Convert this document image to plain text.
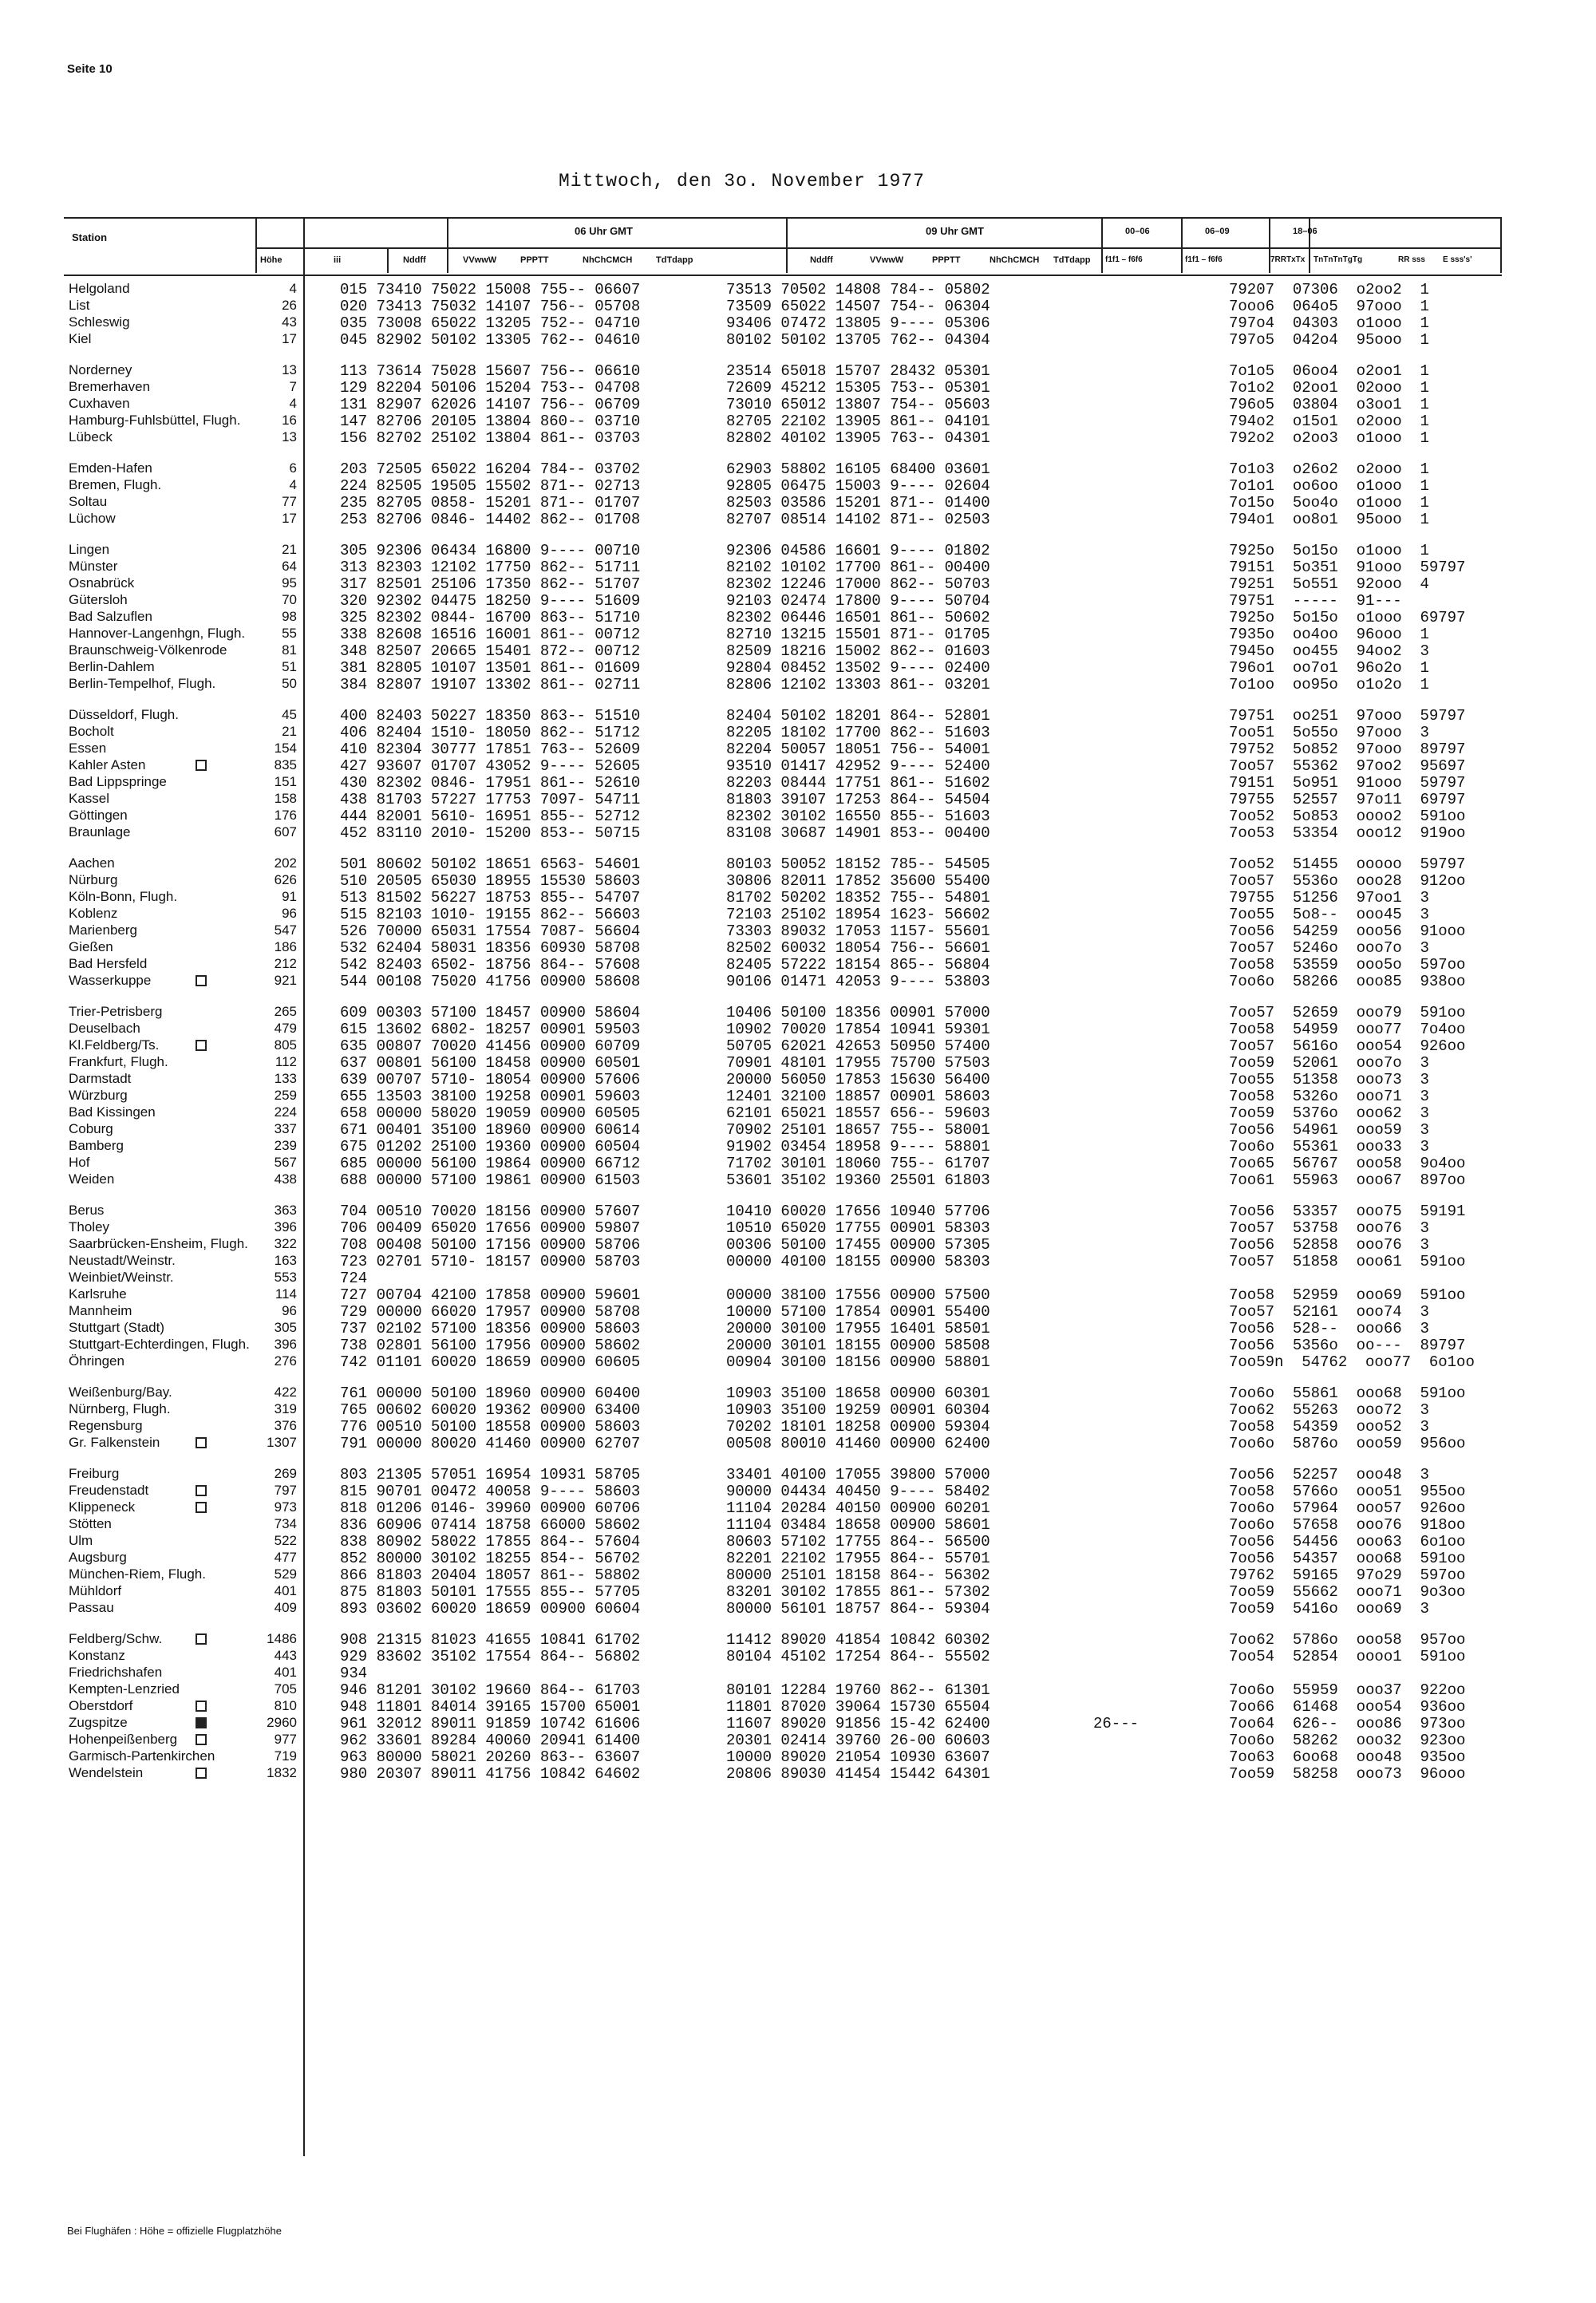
Seite 10
Mittwoch, den 3o. November 1977
Station
Höhe	iii
06 Uhr GMT	09 Uhr GMT
Nddff	VVwwW	PPPTT	NhChCMCH	TdTdapp	Nddff	VVwwW	PPPTT	NhChCMCH TdTdapp
00–06	06–09	18–06
f1f1 – f6f6	f1f1 – f6f6	7RRTxTx TnTnTnTgTg	RR sss E sss's'
Helgoland	4	015 73410 75022 15008 755-- 06607	73513 70502 14808 784-- 05802	79207  07306  o2oo2  1
List	26	020 73413 75032 14107 756-- 05708	73509 65022 14507 754-- 06304	7ooo6  064o5  97ooo  1
Schleswig	43	035 73008 65022 13205 752-- 04710	93406 07472 13805 9---- 05306	797o4  04303  o1ooo  1
Kiel	17	045 82902 50102 13305 762-- 04610	80102 50102 13705 762-- 04304	797o5  042o4  95ooo  1
Norderney	13	113 73614 75028 15607 756-- 06610	23514 65018 15707 28432 05301	7o1o5  06oo4  o2oo1  1
Bremerhaven	7	129 82204 50106 15204 753-- 04708	72609 45212 15305 753-- 05301	7o1o2  02oo1  02ooo  1
Cuxhaven	4	131 82907 62026 14107 756-- 06709	73010 65012 13807 754-- 05603	796o5  03804  o3oo1  1
Hamburg-Fuhlsbüttel, Flugh.	16	147 82706 20105 13804 860-- 03710	82705 22102 13905 861-- 04101	794o2  o15o1  o2ooo  1
Lübeck	13	156 82702 25102 13804 861-- 03703	82802 40102 13905 763-- 04301	792o2  o2oo3  o1ooo  1
Emden-Hafen	6	203 72505 65022 16204 784-- 03702	62903 58802 16105 68400 03601	7o1o3  o26o2  o2ooo  1
Bremen, Flugh.	4	224 82505 19505 15502 871-- 02713	92805 06475 15003 9---- 02604	7o1o1  oo6oo  o1ooo  1
Soltau	77	235 82705 0858- 15201 871-- 01707	82503 03586 15201 871-- 01400	7o15o  5oo4o  o1ooo  1
Lüchow	17	253 82706 0846- 14402 862-- 01708	82707 08514 14102 871-- 02503	794o1  oo8o1  95ooo  1
Lingen	21	305 92306 06434 16800 9---- 00710	92306 04586 16601 9---- 01802	7925o  5o15o  o1ooo  1
Münster	64	313 82303 12102 17750 862-- 51711	82102 10102 17700 861-- 00400	79151  5o351  91ooo  59797
Osnabrück	95	317 82501 25106 17350 862-- 51707	82302 12246 17000 862-- 50703	79251  5o551  92ooo  4
Gütersloh	70	320 92302 04475 18250 9---- 51609	92103 02474 17800 9---- 50704	79751  -----  91---
Bad Salzuflen	98	325 82302 0844- 16700 863-- 51710	82302 06446 16501 861-- 50602	7925o  5o15o  o1ooo  69797
Hannover-Langenhgn, Flugh.	55	338 82608 16516 16001 861-- 00712	82710 13215 15501 871-- 01705	7935o  oo4oo  96ooo  1
Braunschweig-Völkenrode	81	348 82507 20665 15401 872-- 00712	82509 18216 15002 862-- 01603	7945o  oo455  94oo2  3
Berlin-Dahlem	51	381 82805 10107 13501 861-- 01609	92804 08452 13502 9---- 02400	796o1  oo7o1  96o2o  1
Berlin-Tempelhof, Flugh.	50	384 82807 19107 13302 861-- 02711	82806 12102 13303 861-- 03201	7o1oo  oo95o  o1o2o  1
Düsseldorf, Flugh.	45	400 82403 50227 18350 863-- 51510	82404 50102 18201 864-- 52801	79751  oo251  97ooo  59797
Bocholt	21	406 82404 1510- 18050 862-- 51712	82205 18102 17700 862-- 51603	7oo51  5o55o  97ooo  3
Essen	154	410 82304 30777 17851 763-- 52609	82204 50057 18051 756-- 54001	79752  5o852  97ooo  89797
Kahler Asten	835	427 93607 01707 43052 9---- 52605	93510 01417 42952 9---- 52400	7oo57  55362  97oo2  95697
Bad Lippspringe	151	430 82302 0846- 17951 861-- 52610	82203 08444 17751 861-- 51602	79151  5o951  91ooo  59797
Kassel	158	438 81703 57227 17753 7097- 54711	81803 39107 17253 864-- 54504	79755  52557  97o11  69797
Göttingen	176	444 82001 5610- 16951 855-- 52712	82302 30102 16550 855-- 51603	7oo52  5o853  oooo2  591oo
Braunlage	607	452 83110 2010- 15200 853-- 50715	83108 30687 14901 853-- 00400	7oo53  53354  ooo12  919oo
Aachen	202	501 80602 50102 18651 6563- 54601	80103 50052 18152 785-- 54505	7oo52  51455  ooooo  59797
Nürburg	626	510 20505 65030 18955 15530 58603	30806 82011 17852 35600 55400	7oo57  5536o  ooo28  912oo
Köln-Bonn, Flugh.	91	513 81502 56227 18753 855-- 54707	81702 50202 18352 755-- 54801	79755  51256  97oo1  3
Koblenz	96	515 82103 1010- 19155 862-- 56603	72103 25102 18954 1623- 56602	7oo55  5o8--  ooo45  3
Marienberg	547	526 70000 65031 17554 7087- 56604	73303 89032 17053 1157- 55601	7oo56  54259  ooo56  91ooo
Gießen	186	532 62404 58031 18356 60930 58708	82502 60032 18054 756-- 56601	7oo57  5246o  ooo7o  3
Bad Hersfeld	212	542 82403 6502- 18756 864-- 57608	82405 57222 18154 865-- 56804	7oo58  53559  ooo5o  597oo
Wasserkuppe	921	544 00108 75020 41756 00900 58608	90106 01471 42053 9---- 53803	7oo6o  58266  ooo85  938oo
Trier-Petrisberg	265	609 00303 57100 18457 00900 58604	10406 50100 18356 00901 57000	7oo57  52659  ooo79  591oo
Deuselbach	479	615 13602 6802- 18257 00901 59503	10902 70020 17854 10941 59301	7oo58  54959  ooo77  7o4oo
Kl.Feldberg/Ts.	805	635 00807 70020 41456 00900 60709	50705 62021 42653 50950 57400	7oo57  5616o  ooo54  926oo
Frankfurt, Flugh.	112	637 00801 56100 18458 00900 60501	70901 48101 17955 75700 57503	7oo59  52061  ooo7o  3
Darmstadt	133	639 00707 5710- 18054 00900 57606	20000 56050 17853 15630 56400	7oo55  51358  ooo73  3
Würzburg	259	655 13503 38100 19258 00901 59603	12401 32100 18857 00901 58603	7oo58  5326o  ooo71  3
Bad Kissingen	224	658 00000 58020 19059 00900 60505	62101 65021 18557 656-- 59603	7oo59  5376o  ooo62  3
Coburg	337	671 00401 35100 18960 00900 60614	70902 25101 18657 755-- 58001	7oo56  54961  ooo59  3
Bamberg	239	675 01202 25100 19360 00900 60504	91902 03454 18958 9---- 58801	7oo6o  55361  ooo33  3
Hof	567	685 00000 56100 19864 00900 66712	71702 30101 18060 755-- 61707	7oo65  56767  ooo58  9o4oo
Weiden	438	688 00000 57100 19861 00900 61503	53601 35102 19360 25501 61803	7oo61  55963  ooo67  897oo
Berus	363	704 00510 70020 18156 00900 57607	10410 60020 17656 10940 57706	7oo56  53357  ooo75  59191
Tholey	396	706 00409 65020 17656 00900 59807	10510 65020 17755 00901 58303	7oo57  53758  ooo76  3
Saarbrücken-Ensheim, Flugh.	322	708 00408 50100 17156 00900 58706	00306 50100 17455 00900 57305	7oo56  52858  ooo76  3
Neustadt/Weinstr.	163	723 02701 5710- 18157 00900 58703	00000 40100 18155 00900 58303	7oo57  51858  ooo61  591oo
Weinbiet/Weinstr.	553	724
Karlsruhe	114	727 00704 42100 17858 00900 59601	00000 38100 17556 00900 57500	7oo58  52959  ooo69  591oo
Mannheim	96	729 00000 66020 17957 00900 58708	10000 57100 17854 00901 55400	7oo57  52161  ooo74  3
Stuttgart (Stadt)	305	737 02102 57100 18356 00900 58603	20000 30100 17955 16401 58501	7oo56  528--  ooo66  3
Stuttgart-Echterdingen, Flugh.	396	738 02801 56100 17956 00900 58602	20000 30101 18155 00900 58508	7oo56  5356o  oo---  89797
Öhringen	276	742 01101 60020 18659 00900 60605	00904 30100 18156 00900 58801	7oo59n  54762  ooo77  6o1oo
Weißenburg/Bay.	422	761 00000 50100 18960 00900 60400	10903 35100 18658 00900 60301	7oo6o  55861  ooo68  591oo
Nürnberg, Flugh.	319	765 00602 60020 19362 00900 63400	10903 35100 19259 00901 60304	7oo62  55263  ooo72  3
Regensburg	376	776 00510 50100 18558 00900 58603	70202 18101 18258 00900 59304	7oo58  54359  ooo52  3
Gr. Falkenstein	1307	791 00000 80020 41460 00900 62707	00508 80010 41460 00900 62400	7oo6o  5876o  ooo59  956oo
Freiburg	269	803 21305 57051 16954 10931 58705	33401 40100 17055 39800 57000	7oo56  52257  ooo48  3
Freudenstadt	797	815 90701 00472 40058 9---- 58603	90000 04434 40450 9---- 58402	7oo58  5766o  ooo51  955oo
Klippeneck	973	818 01206 0146- 39960 00900 60706	11104 20284 40150 00900 60201	7oo6o  57964  ooo57  926oo
Stötten	734	836 60906 07414 18758 66000 58602	11104 03484 18658 00900 58601	7oo6o  57658  ooo76  918oo
Ulm	522	838 80902 58022 17855 864-- 57604	80603 57102 17755 864-- 56500	7oo56  54456  ooo63  6o1oo
Augsburg	477	852 80000 30102 18255 854-- 56702	82201 22102 17955 864-- 55701	7oo56  54357  ooo68  591oo
München-Riem, Flugh.	529	866 81803 20404 18057 861-- 58802	80000 25101 18158 864-- 56302	79762  59165  97o29  597oo
Mühldorf	401	875 81803 50101 17555 855-- 57705	83201 30102 17855 861-- 57302	7oo59  55662  ooo71  9o3oo
Passau	409	893 03602 60020 18659 00900 60604	80000 56101 18757 864-- 59304	7oo59  5416o  ooo69  3
Feldberg/Schw.	1486	908 21315 81023 41655 10841 61702	11412 89020 41854 10842 60302	7oo62  5786o  ooo58  957oo
Konstanz	443	929 83602 35102 17554 864-- 56802	80104 45102 17254 864-- 55502	7oo54  52854  oooo1  591oo
Friedrichshafen	401	934
Kempten-Lenzried	705	946 81201 30102 19660 864-- 61703	80101 12284 19760 862-- 61301	7oo6o  55959  ooo37  922oo
Oberstdorf	810	948 11801 84014 39165 15700 65001	11801 87020 39064 15730 65504	7oo66  61468  ooo54  936oo
Zugspitze	2960	961 32012 89011 91859 10742 61606	11607 89020 91856 15-42 62400	26---	7oo64  626--  ooo86  973oo
Hohenpeißenberg	977	962 33601 89284 40060 20941 61400	20301 02414 39760 26-00 60603	7oo6o  58262  ooo32  923oo
Garmisch-Partenkirchen	719	963 80000 58021 20260 863-- 63607	10000 89020 21054 10930 63607	7oo63  6oo68  ooo48  935oo
Wendelstein	1832	980 20307 89011 41756 10842 64602	20806 89030 41454 15442 64301	7oo59  58258  ooo73  96ooo
Bei Flughäfen : Höhe = offizielle Flugplatzhöhe
